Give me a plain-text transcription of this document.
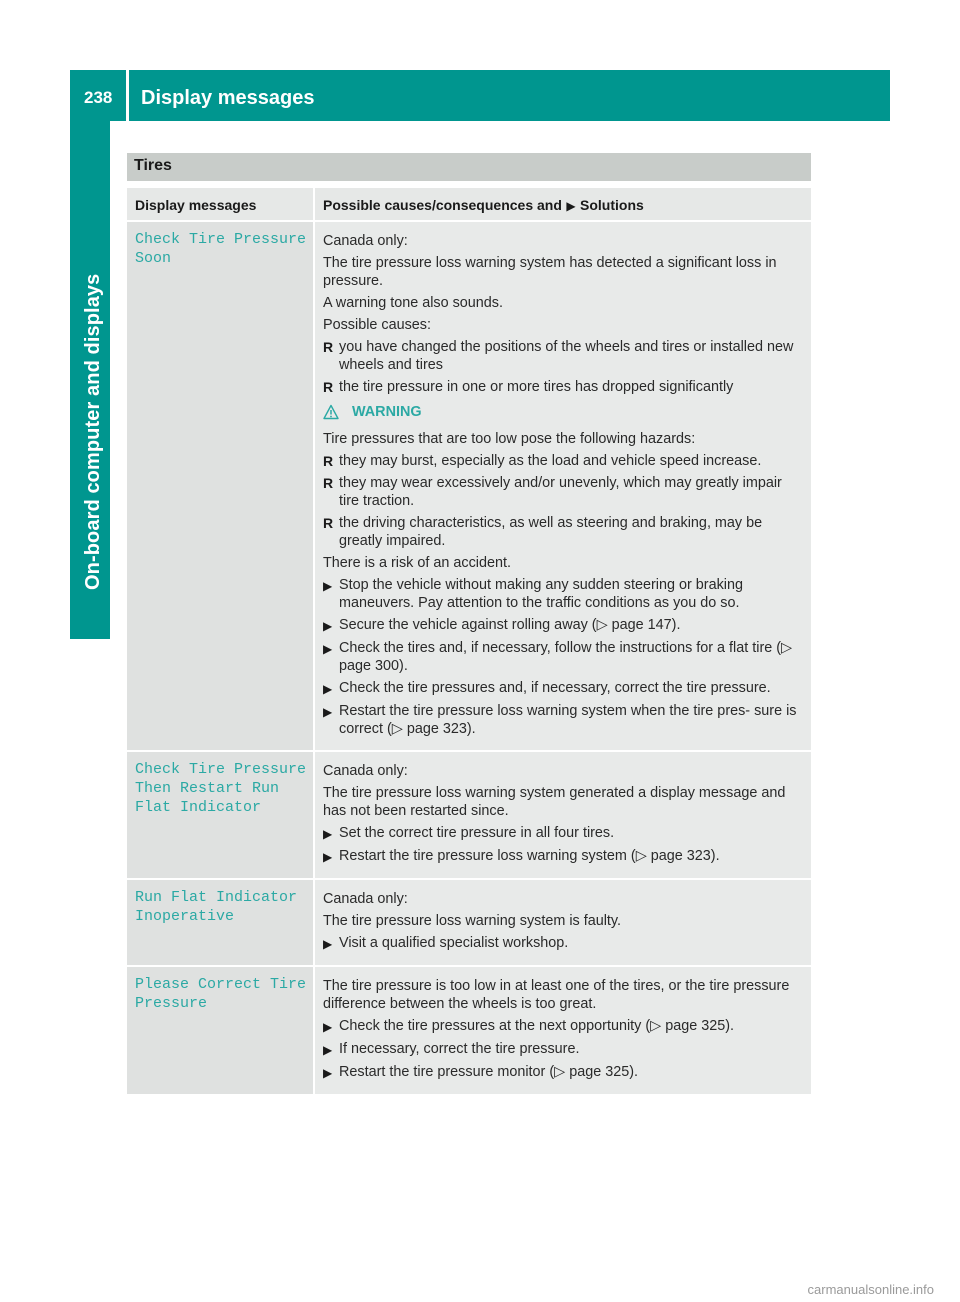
238 Display messages
On-board computer and displays
Tires
Display messages	Possible causes/consequences and ▶ Solutions
Check Tire Pressure
Soon
Canada only:
The tire pressure loss warning system has detected a significant loss in pressure.
A warning tone also sounds.
Possible causes:
R you have changed the positions of the wheels and tires or installed new wheels and tires
R the tire pressure in one or more tires has dropped significantly
WARNING
Tire pressures that are too low pose the following hazards:
R they may burst, especially as the load and vehicle speed increase.
R they may wear excessively and/or unevenly, which may greatly impair tire traction.
R the driving characteristics, as well as steering and braking, may be greatly impaired.
There is a risk of an accident.
▶ Stop the vehicle without making any sudden steering or braking maneuvers. Pay attention to the traffic conditions as you do so.
▶ Secure the vehicle against rolling away (▷ page 147).
▶ Check the tires and, if necessary, follow the instructions for a flat tire (▷ page 300).
▶ Check the tire pressures and, if necessary, correct the tire pressure.
▶ Restart the tire pressure loss warning system when the tire pres- sure is correct (▷ page 323).
Check Tire Pressure
Then Restart Run
Flat Indicator
Canada only:
The tire pressure loss warning system generated a display message and has not been restarted since.
▶ Set the correct tire pressure in all four tires.
▶ Restart the tire pressure loss warning system (▷ page 323).
Run Flat Indicator
Inoperative
Canada only:
The tire pressure loss warning system is faulty.
▶ Visit a qualified specialist workshop.
Please Correct Tire
Pressure
The tire pressure is too low in at least one of the tires, or the tire pressure difference between the wheels is too great.
▶ Check the tire pressures at the next opportunity (▷ page 325).
▶ If necessary, correct the tire pressure.
▶ Restart the tire pressure monitor (▷ page 325).
carmanualsonline.info
